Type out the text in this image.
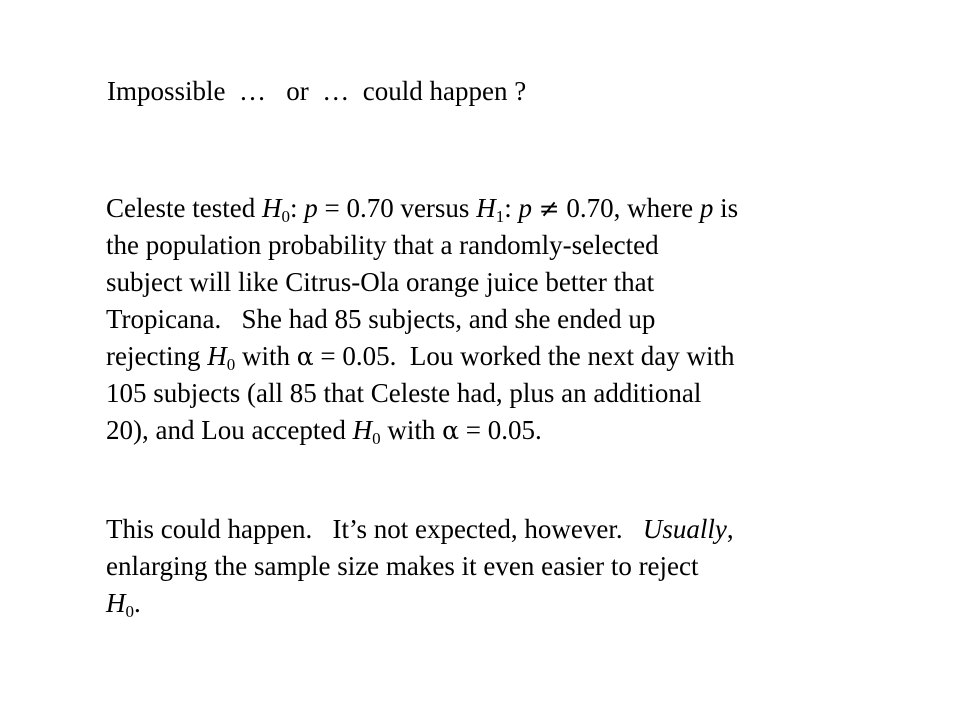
Impossible  …   or  …  could happen ?
Celeste tested $H_0$: p = 0.70 versus $H_1$: p ≠ 0.70, where p is
the population probability that a randomly-selected
subject will like Citrus-Ola orange juice better that
Tropicana.   She had 85 subjects, and she ended up
rejecting $H_0$ with α = 0.05.  Lou worked the next day with
105 subjects (all 85 that Celeste had, plus an additional
20), and Lou accepted $H_0$ with α = 0.05.
This could happen.   It’s not expected, however.   Usually,
enlarging the sample size makes it even easier to reject
$H_0$.
